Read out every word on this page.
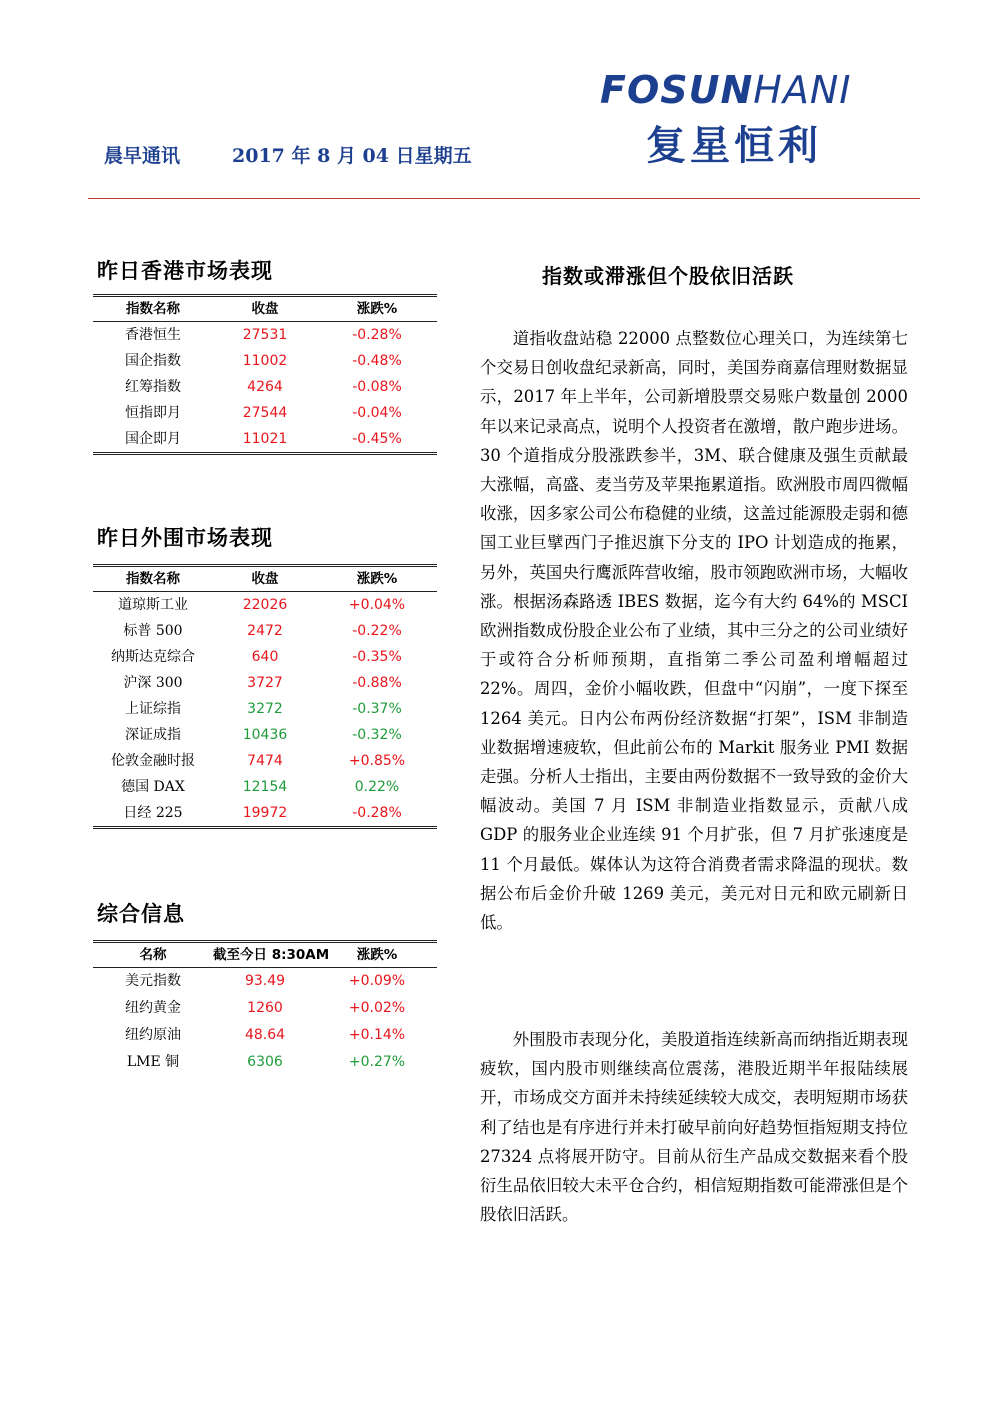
FOSUNHANI
复星恒利
晨早通讯	2017 年 8 月 04 日星期五
昨日香港市场表现
指数名称	收盘	涨跌%
香港恒生	27531	-0.28%
国企指数	11002	-0.48%
红筹指数	4264	-0.08%
恒指即月	27544	-0.04%
国企即月	11021	-0.45%
昨日外围市场表现
指数名称	收盘	涨跌%
道琼斯工业	22026	+0.04%
标普 500	2472	-0.22%
纳斯达克综合	640	-0.35%
沪深 300	3727	-0.88%
上证综指	3272	-0.37%
深证成指	10436	-0.32%
伦敦金融时报	7474	+0.85%
德国 DAX	12154	0.22%
日经 225	19972	-0.28%
综合信息
名称	截至今日 8:30AM	涨跌%
美元指数	93.49	+0.09%
纽约黄金	1260	+0.02%
纽约原油	48.64	+0.14%
LME 铜	6306	+0.27%
指数或滞涨但个股依旧活跃

道指收盘站稳 22000 点整数位心理关口，为连续第七个交易日创收盘纪录新高，同时，美国券商嘉信理财数据显示，2017 年上半年，公司新增股票交易账户数量创 2000 年以来记录高点，说明个人投资者在激增，散户跑步进场。30 个道指成分股涨跌参半，3M、联合健康及强生贡献最大涨幅，高盛、麦当劳及苹果拖累道指。欧洲股市周四微幅收涨，因多家公司公布稳健的业绩，这盖过能源股走弱和德国工业巨擘西门子推迟旗下分支的 IPO 计划造成的拖累，另外，英国央行鹰派阵营收缩，股市领跑欧洲市场，大幅收涨。根据汤森路透 IBES 数据，迄今有大约 64%的 MSCI 欧洲指数成份股企业公布了业绩，其中三分之的公司业绩好于或符合分析师预期，直指第二季公司盈利增幅超过 22%。周四，金价小幅收跌，但盘中“闪崩”，一度下探至 1264 美元。日内公布两份经济数据“打架”，ISM 非制造业数据增速疲软，但此前公布的 Markit 服务业 PMI 数据走强。分析人士指出，主要由两份数据不一致导致的金价大幅波动。美国 7 月 ISM 非制造业指数显示，贡献八成 GDP 的服务业企业连续 91 个月扩张，但 7 月扩张速度是 11 个月最低。媒体认为这符合消费者需求降温的现状。数据公布后金价升破 1269 美元，美元对日元和欧元刷新日低。

外围股市表现分化，美股道指连续新高而纳指近期表现疲软，国内股市则继续高位震荡，港股近期半年报陆续展开，市场成交方面并未持续延续较大成交，表明短期市场获利了结也是有序进行并未打破早前向好趋势恒指短期支持位 27324 点将展开防守。目前从衍生产品成交数据来看个股衍生品依旧较大未平仓合约，相信短期指数可能滞涨但是个股依旧活跃。
